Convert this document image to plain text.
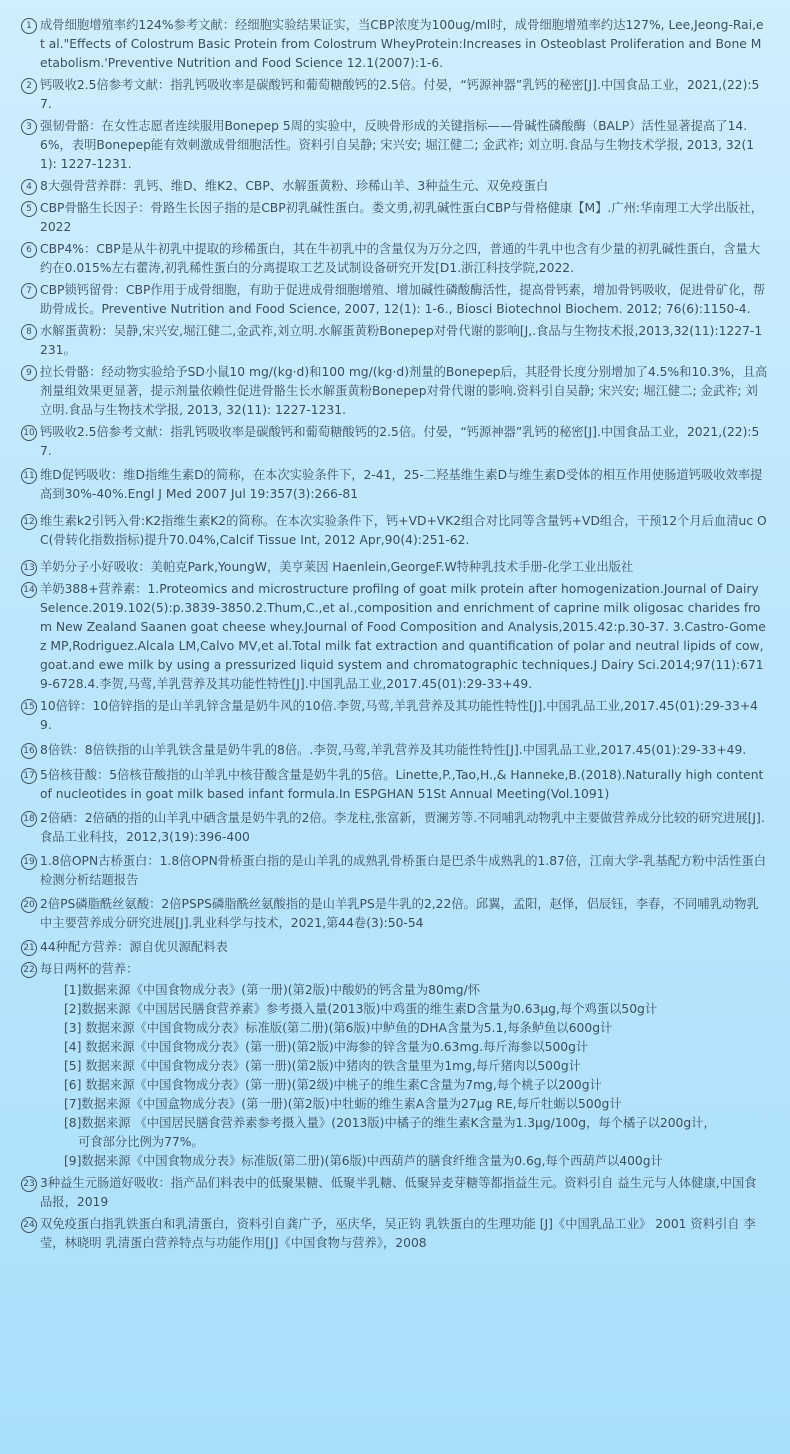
1 成骨细胞增殖率约124%参考文献：经细胞实验结果证实，当CBP浓度为100ug/ml时，成骨细胞增殖率约达127%, Lee,Jeong-Rai,et al."Effects of Colostrum Basic Protein from Colostrum WheyProtein:Increases in Osteoblast Proliferation and Bone Metabolism.'Preventive Nutrition and Food Science 12.1(2007):1-6.
2 钙吸收2.5倍参考文献：指乳钙吸收率是碳酸钙和葡萄糖酸钙的2.5倍。付晏，“钙源神器”乳钙的秘密[J].中国食品工业，2021,(22):57.
3 强韧骨骼：在女性志愿者连续服用Bonepep 5周的实验中，反映骨形成的关键指标——骨碱性磷酸酶（BALP）活性显著提高了14.6%，表明Bonepep能有效刺激成骨细胞活性。资料引自吴静; 宋兴安; 堀江健二; 金武祚; 刘立明.食品与生物技术学报, 2013, 32(11): 1227-1231.
4 8大强骨营养群：乳钙、维D、维K2、CBP、水解蛋黄粉、珍稀山羊、3种益生元、双免疫蛋白
5 CBP骨骼生长因子：骨路生长因子指的是CBP初乳碱性蛋白。娄文勇,初乳碱性蛋白CBP与骨格健康【M】.广州:华南理工大学出版社，2022
6 CBP4%：CBP是从牛初乳中提取的珍稀蛋白，其在牛初乳中的含量仅为万分之四，普通的牛乳中也含有少量的初乳碱性蛋白，含量大约在0.015%左右藿涛,初乳稀性蛋白的分离提取工艺及试制设备研究开发[D1.浙江科技学院,2022.
7 CBP锁钙留骨：CBP作用于成骨细胞，有助于促进成骨细胞增殖、增加碱性磷酸酶活性，提高骨钙素，增加骨钙吸收，促进骨矿化，帮助骨成长。Preventive Nutrition and Food Science, 2007, 12(1): 1-6., Biosci Biotechnol Biochem. 2012; 76(6):1150-4.
8 水解蛋黄粉：吴静,宋兴安,堀江健二,金武祚,刘立明.水解蛋黄粉Bonepep对骨代谢的影响[J,.食品与生物技术报,2013,32(11):1227-1231。
9 拉长骨骼：经动物实验给予SD小鼠10 mg/(kg·d)和100 mg/(kg·d)剂量的Bonepep后，其胫骨长度分别增加了4.5%和10.3%，且高剂量组效果更显著，提示剂量依赖性促进骨骼生长水解蛋黄粉Bonepep对骨代谢的影响.资料引自吴静; 宋兴安; 堀江健二; 金武祚; 刘立明.食品与生物技术学报, 2013, 32(11): 1227-1231.
10 钙吸收2.5倍参考文献：指乳钙吸收率是碳酸钙和葡萄糖酸钙的2.5倍。付晏，“钙源神器”乳钙的秘密[J].中国食品工业，2021,(22):57.
11 维D促钙吸收：维D指维生素D的简称，在本次实验条件下，2-41，25-二羟基维生素D与维生素D受体的相互作用使肠道钙吸收效率提高到30%-40%.Engl J Med 2007 Jul 19:357(3):266-81
12 维生素k2引钙入骨:K2指维生素K2的简称。在本次实验条件下，钙+VD+VK2组合对比同等含量钙+VD组合，干预12个月后血清uc OC(骨转化指数指标)提升70.04%,Calcif Tissue Int, 2012 Apr,90(4):251-62.
13 羊奶分子小好吸收：美帕克Park,YoungW，美亨莱因 Haenlein,GeorgeF.W特种乳技术手册-化学工业出版社
14 羊奶388+营养素：1.Proteomics and microstructure profilng of goat milk protein after homogenization.Journal of Dairy Selence.2019.102(5):p.3839-3850.2.Thum,C.,et al.,composition and enrichment of caprine milk oligosac charides from New Zealand Saanen goat cheese whey.Journal of Food Composition and Analysis,2015.42:p.30-37. 3.Castro-Gomez MP,Rodriguez.Alcala LM,Calvo MV,et al.Total milk fat extraction and quantification of polar and neutral lipids of cow,goat.and ewe milk by using a pressurized liquid system and chromatographic techniques.J Dairy Sci.2014;97(11):6719-6728.4.李贺,马莺,羊乳营养及其功能性特性[J].中国乳品工业,2017.45(01):29-33+49.
15 10倍锌：10倍锌指的是山羊乳锌含量是奶牛风的10倍.李贺,马莺,羊乳营养及其功能性特性[J].中国乳品工业,2017.45(01):29-33+49.
16 8倍铁：8倍铁指的山羊乳铁含量是奶牛乳的8倍。.李贺,马莺,羊乳营养及其功能性特性[J].中国乳品工业,2017.45(01):29-33+49.
17 5倍核苷酸：5倍核苷酸指的山羊乳中核苷酸含量是奶牛乳的5倍。Linette,P.,Tao,H.,& Hanneke,B.(2018).Naturally high content of nucleotides in goat milk based infant formula.In ESPGHAN 51St Annual Meeting(Vol.1091)
18 2倍硒：2倍硒的指的山羊乳中硒含量是奶牛乳的2倍。李龙柱,张富新，贾澜芳等.不同哺乳动物乳中主要做营养成分比较的研究进展[J].食品工业科技，2012,3(19):396-400
19 1.8倍OPN古桥蛋白：1.8倍OPN骨桥蛋白指的是山羊乳的成熟乳骨桥蛋白是巴杀牛成熟乳的1.87倍，江南大学-乳基配方粉中活性蛋白检测分析结题报告
20 2倍PS磷脂酰丝氨酸：2倍PSPS磷脂酰丝氨酸指的是山羊乳PS是牛乳的2,22倍。邱翼，孟阳，赵怿，侣辰钰，李春，不同哺乳动物乳中主要营养成分研究进展[J].乳业科学与技术，2021,第44卷(3):50-54
21 44种配方营养：源自优贝源配料表
22 每日两杯的营养：
[1]数据来源《中国食物成分表》(第一册)(第2版)中酸奶的钙含量为80mg/怀
[2]数据来源《中国居民膳食营养素》参考摄入量(2013版)中鸡蛋的维生素D含量为0.63μg,每个鸡蛋以50g计
[3] 数据来源《中国食物成分表》标准版(第二册)(第6版)中鲈鱼的DHA含量为5.1,每条鲈鱼以600g计
[4] 数据来源《中国食物成分表》(第一册)(第2版)中海参的锌含量为0.63mg.每斤海参以500g计
[5] 数据来源《中国食物成分表》(第一册)(第2版)中猪肉的铁含量里为1mg,每斤猪肉以500g计
[6] 数据来源《中国食物成分表》(第一册)(第2级)中桃子的维生素C含量为7mg,每个桃子以200g计
[7]数据来源《中国盒物成分表》(第一册)(第2版)中牡蛎的维生素A含量为27μg RE,每斤牡蛎以500g计
[8]数据来源 《中国居民膳食营养素参考摄入量》(2013版)中橘子的维生素K含量为1.3μg/100g，每个橘子以200g计，
可食部分比例为77%。
[9]数据来源《中国食物成分表》标准版(第二册)(第6版)中西葫芦的膳食纤维含量为0.6g,每个西葫芦以400g计
23 3种益生元肠道好吸收：指产品们料表中的低聚果糖、低聚半乳糖、低聚异麦芽糖等都指益生元。资料引自 益生元与人体健康,中国食品报，2019
24 双免疫蛋白指乳铁蛋白和乳清蛋白，资料引自龚广予，巫庆华，吴正钧 乳铁蛋白的生理功能 [J]《中国乳品工业》 2001 资料引自 李莹，林晓明 乳清蛋白营养特点与功能作用[J]《中国食物与营养》，2008
